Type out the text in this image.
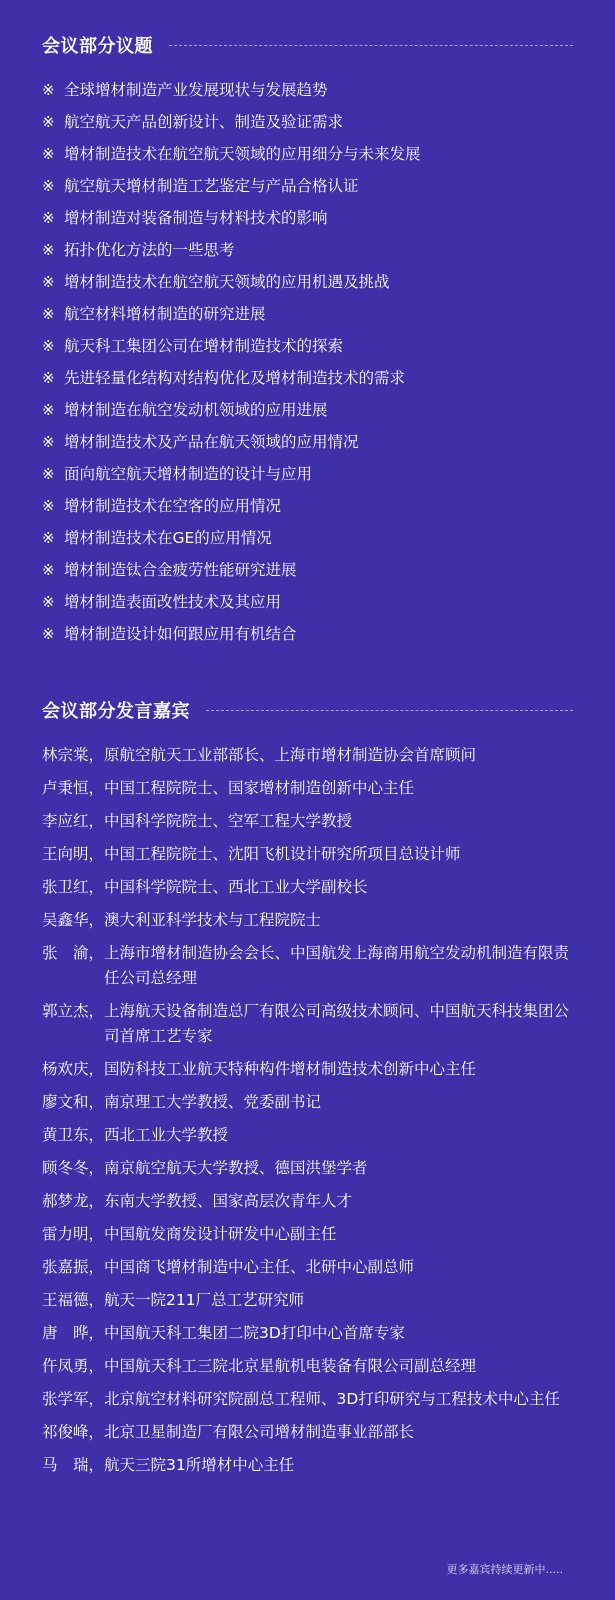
会议部分议题
※ 全球增材制造产业发展现状与发展趋势
※ 航空航天产品创新设计、制造及验证需求
※ 增材制造技术在航空航天领域的应用细分与未来发展
※ 航空航天增材制造工艺鉴定与产品合格认证
※ 增材制造对装备制造与材料技术的影响
※ 拓扑优化方法的一些思考
※ 增材制造技术在航空航天领域的应用机遇及挑战
※ 航空材料增材制造的研究进展
※ 航天科工集团公司在增材制造技术的探索
※ 先进轻量化结构对结构优化及增材制造技术的需求
※ 增材制造在航空发动机领域的应用进展
※ 增材制造技术及产品在航天领域的应用情况
※ 面向航空航天增材制造的设计与应用
※ 增材制造技术在空客的应用情况
※ 增材制造技术在GE的应用情况
※ 增材制造钛合金疲劳性能研究进展
※ 增材制造表面改性技术及其应用
※ 增材制造设计如何跟应用有机结合
会议部分发言嘉宾
林宗棠， 原航空航天工业部部长、上海市增材制造协会首席顾问
卢秉恒， 中国工程院院士、国家增材制造创新中心主任
李应红， 中国科学院院士、空军工程大学教授
王向明， 中国工程院院士、沈阳飞机设计研究所项目总设计师
张卫红， 中国科学院院士、西北工业大学副校长
吴鑫华， 澳大利亚科学技术与工程院院士
张　渝， 上海市增材制造协会会长、中国航发上海商用航空发动机制造有限责任公司总经理
郭立杰， 上海航天设备制造总厂有限公司高级技术顾问、中国航天科技集团公司首席工艺专家
杨欢庆， 国防科技工业航天特种构件增材制造技术创新中心主任
廖文和， 南京理工大学教授、党委副书记
黄卫东， 西北工业大学教授
顾冬冬， 南京航空航天大学教授、德国洪堡学者
郝梦龙， 东南大学教授、国家高层次青年人才
雷力明， 中国航发商发设计研发中心副主任
张嘉振， 中国商飞增材制造中心主任、北研中心副总师
王福德， 航天一院211厂总工艺研究师
唐　晔， 中国航天科工集团二院3D打印中心首席专家
仵凤勇， 中国航天科工三院北京星航机电装备有限公司副总经理
张学军， 北京航空材料研究院副总工程师、3D打印研究与工程技术中心主任
祁俊峰， 北京卫星制造厂有限公司增材制造事业部部长
马　瑞， 航天三院31所增材中心主任
更多嘉宾持续更新中.....
